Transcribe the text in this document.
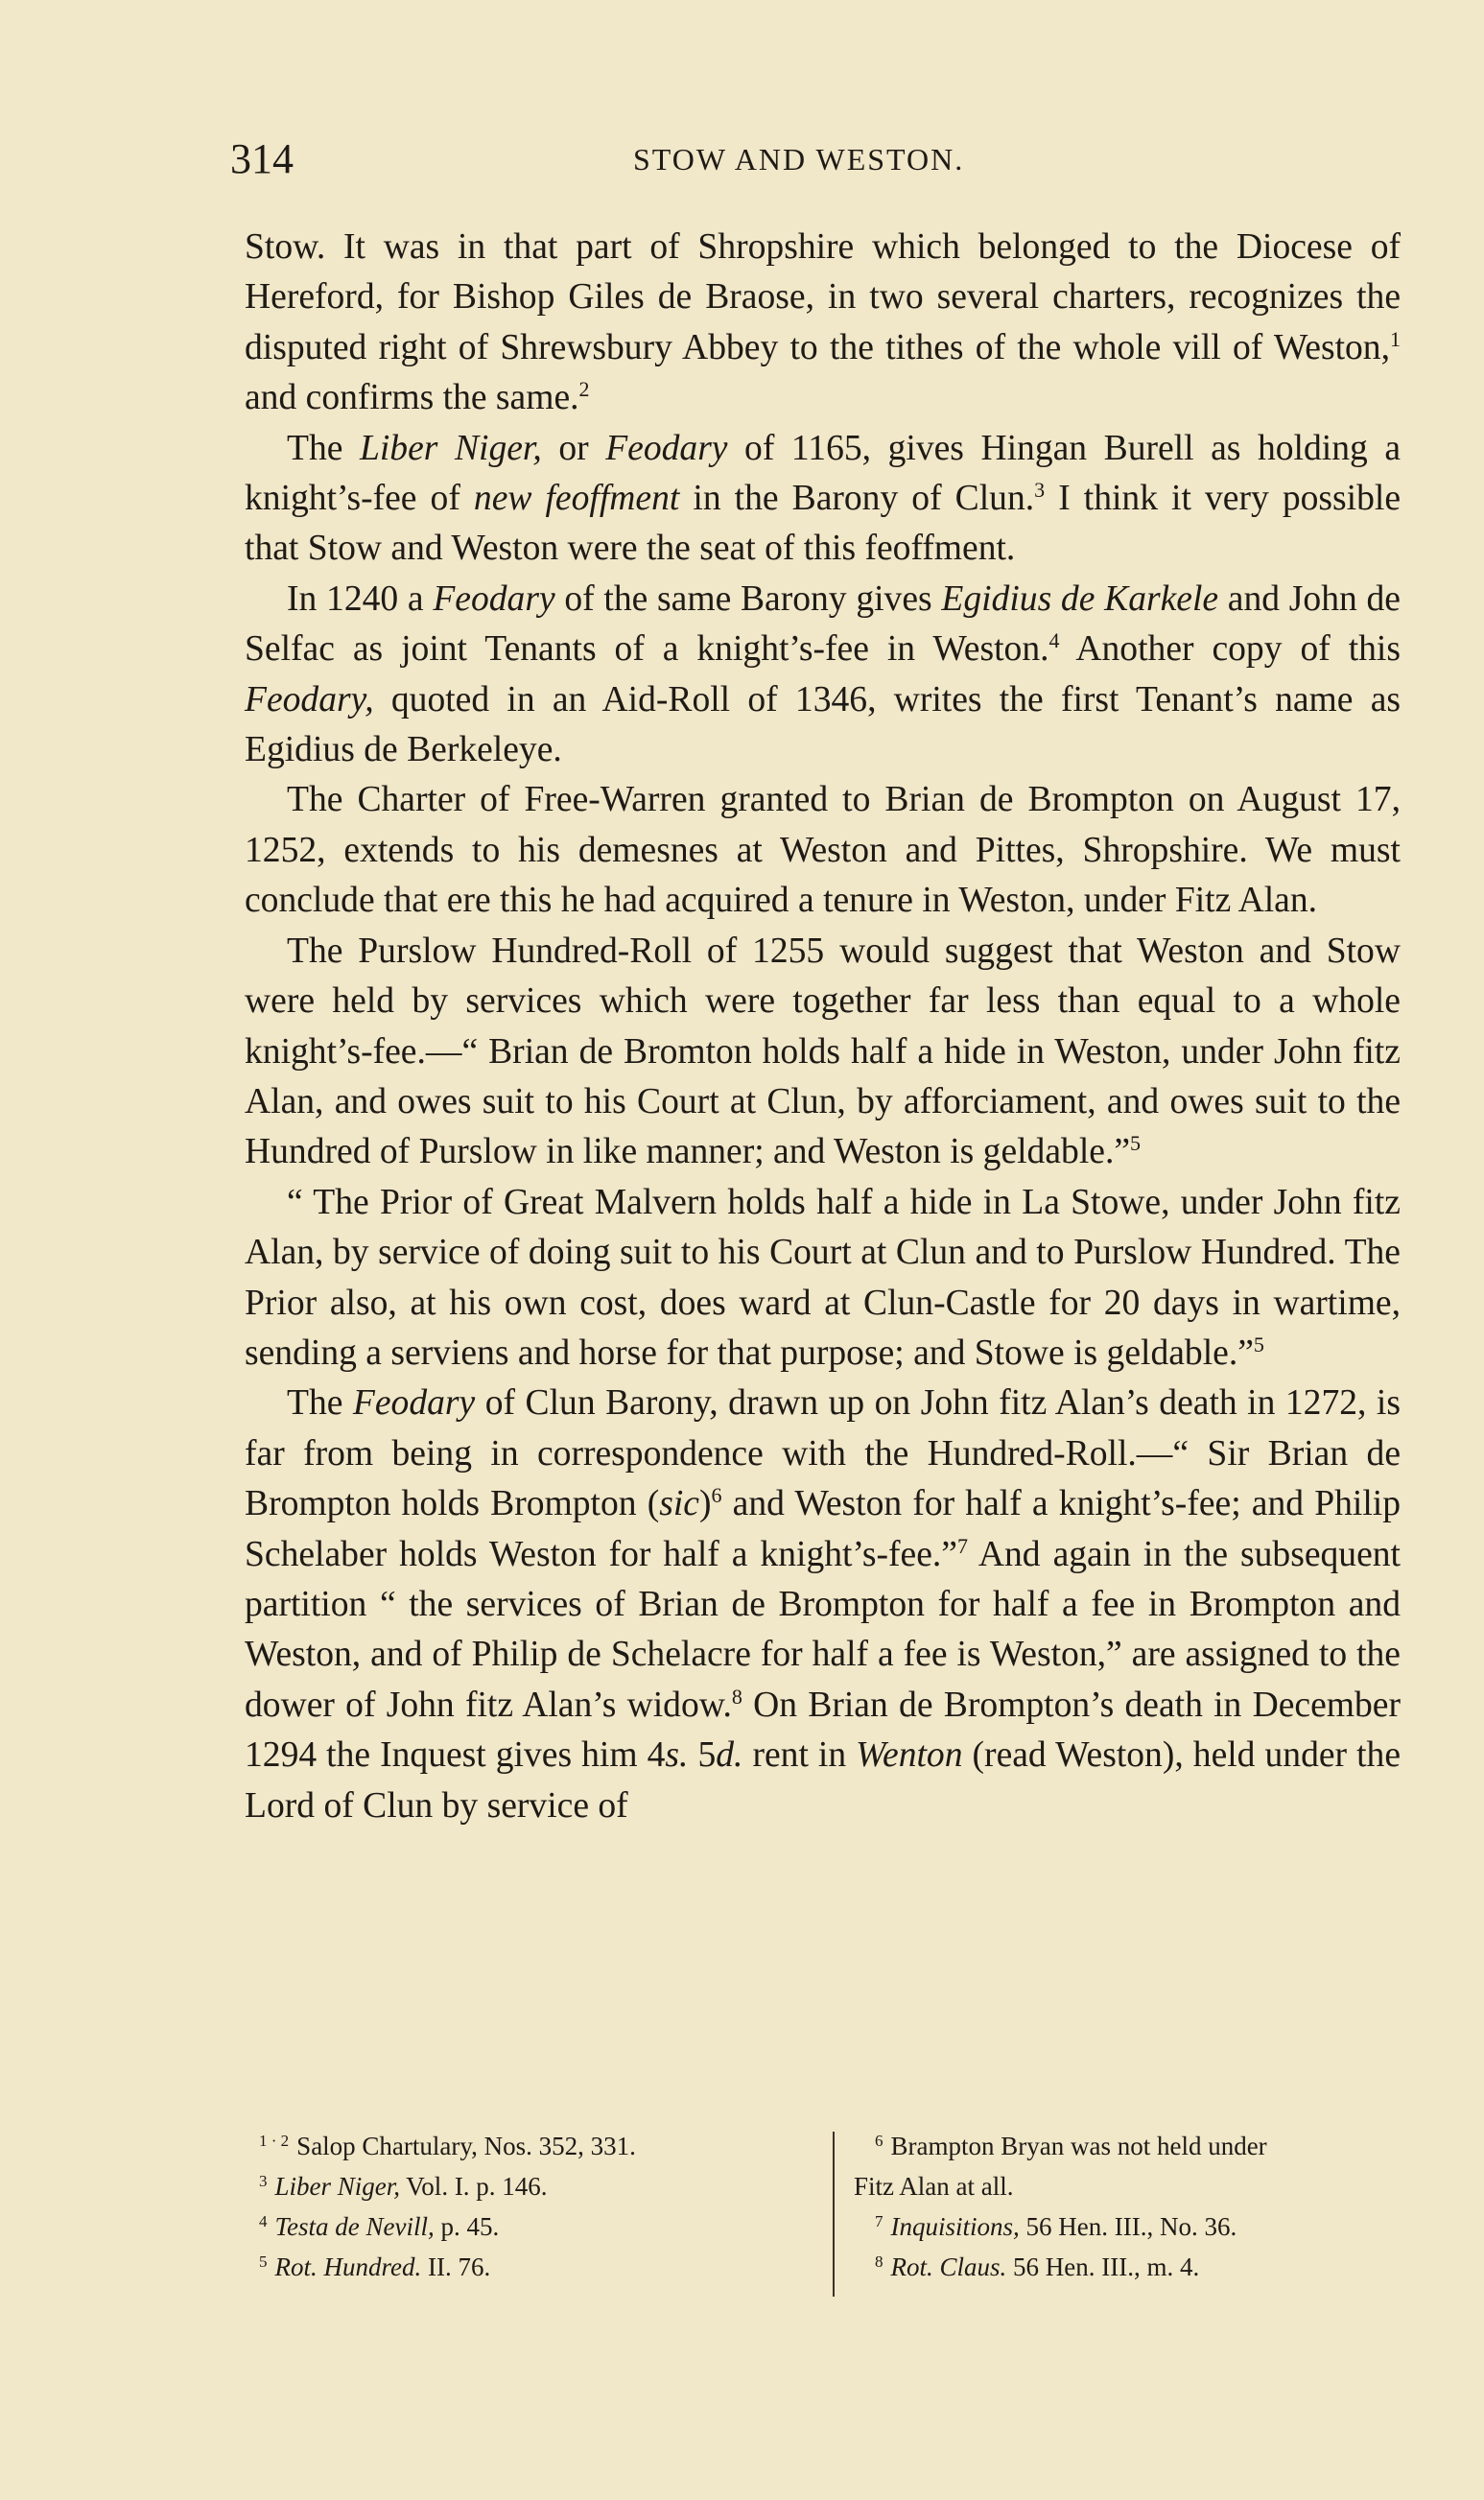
314	STOW AND WESTON.

Stow. It was in that part of Shropshire which belonged to the Diocese of Hereford, for Bishop Giles de Braose, in two several charters, recognizes the disputed right of Shrewsbury Abbey to the tithes of the whole vill of Weston,$^1$ and confirms the same.$^2$

The Liber Niger, or Feodary of 1165, gives Hingan Burell as holding a knight’s-fee of new feoffment in the Barony of Clun.$^3$ I think it very possible that Stow and Weston were the seat of this feoffment.

In 1240 a Feodary of the same Barony gives Egidius de Karkele and John de Selfac as joint Tenants of a knight’s-fee in Weston.$^4$ Another copy of this Feodary, quoted in an Aid-Roll of 1346, writes the first Tenant’s name as Egidius de Berkeleye.

The Charter of Free-Warren granted to Brian de Brompton on August 17, 1252, extends to his demesnes at Weston and Pittes, Shropshire. We must conclude that ere this he had acquired a tenure in Weston, under Fitz Alan.

The Purslow Hundred-Roll of 1255 would suggest that Weston and Stow were held by services which were together far less than equal to a whole knight’s-fee.—“ Brian de Bromton holds half a hide in Weston, under John fitz Alan, and owes suit to his Court at Clun, by afforciament, and owes suit to the Hundred of Purslow in like manner; and Weston is geldable.”$^5$

“ The Prior of Great Malvern holds half a hide in La Stowe, under John fitz Alan, by service of doing suit to his Court at Clun and to Purslow Hundred. The Prior also, at his own cost, does ward at Clun-Castle for 20 days in wartime, sending a serviens and horse for that purpose; and Stowe is geldable.”$^5$

The Feodary of Clun Barony, drawn up on John fitz Alan’s death in 1272, is far from being in correspondence with the Hundred-Roll.—“ Sir Brian de Brompton holds Brompton (sic)$^6$ and Weston for half a knight’s-fee; and Philip Schelaber holds Weston for half a knight’s-fee.”$^7$ And again in the subsequent partition “ the services of Brian de Brompton for half a fee in Brompton and Weston, and of Philip de Schelacre for half a fee is Weston,” are assigned to the dower of John fitz Alan’s widow.$^8$ On Brian de Brompton’s death in December 1294 the Inquest gives him 4s. 5d. rent in Wenton (read Weston), held under the Lord of Clun by service of

$^{1 \cdot 2}$ Salop Chartulary, Nos. 352, 331.

$^3$ Liber Niger, Vol. I. p. 146.

$^4$ Testa de Nevill, p. 45.

$^5$ Rot. Hundred. II. 76.

$^6$ Brampton Bryan was not held under

Fitz Alan at all.

$^7$ Inquisitions, 56 Hen. III., No. 36.

$^8$ Rot. Claus. 56 Hen. III., m. 4.
